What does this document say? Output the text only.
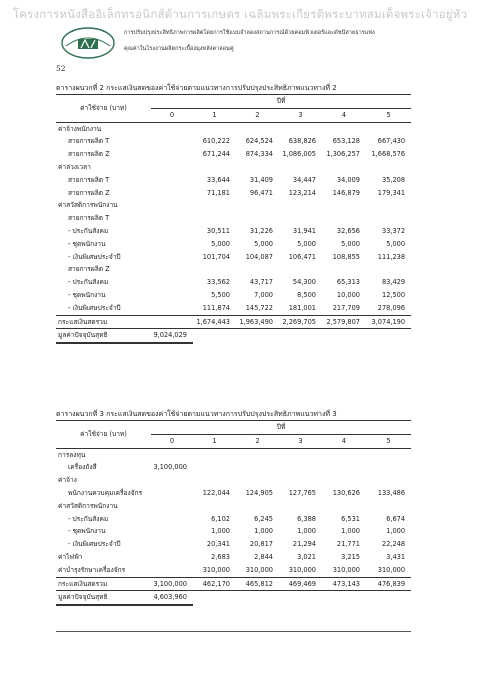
โครงการหนังสืออิเล็กทรอนิกส์ด้านการเกษตร เฉลิมพระเกียรติพระบาทสมเด็จพระเจ้าอยู่หัว
การปรับปรุงประสิทธิภาพการผลิตโดยการใช้แบบจำลองสถานการณ์ด้วยคอมพิวเตอร์และดัชนีสายธารแห่ง
คุณค่าในโรงงานผลิตกระเบื้องมุงหลังคาลอนคู่
52
ตารางผนวกที่ 2 กระแสเงินสดของค่าใช้จ่ายตามแนวทางการปรับปรุงประสิทธิภาพแนวทางที่ 2
ค่าใช้จ่าย (บาท)	ปีที่					
	0	1	2	3	4	5
ค่าจ้างพนักงาน						
สายการผลิต T		610,222	624,524	638,826	653,128	667,430
สายการผลิต Z		671,244	874,334	1,086,005	1,306,257	1,668,576
ค่าล่วงเวลา						
สายการผลิต T		33,644	31,409	34,447	34,009	35,208
สายการผลิต Z		71,181	96,471	123,214	146,879	179,341
ค่าสวัสดิการพนักงาน						
สายการผลิต T						
- ประกันสังคม		30,511	31,226	31,941	32,656	33,372
- ชุดพนักงาน		5,000	5,000	5,000	5,000	5,000
- เงินพิเศษประจำปี		101,704	104,087	106,471	108,855	111,238
สายการผลิต Z						
- ประกันสังคม		33,562	43,717	54,300	65,313	83,429
- ชุดพนักงาน		5,500	7,000	8,500	10,000	12,500
- เงินพิเศษประจำปี		111,874	145,722	181,001	217,709	278,096
กระแสเงินสดรวม		1,674,443	1,963,490	2,269,705	2,579,807	3,074,190
มูลค่าปัจจุบันสุทธิ	9,024,029					
ตารางผนวกที่ 3 กระแสเงินสดของค่าใช้จ่ายตามแนวทางการปรับปรุงประสิทธิภาพแนวทางที่ 3
ค่าใช้จ่าย (บาท)	ปีที่					
	0	1	2	3	4	5
การลงทุน						
เครื่องถังสี	3,100,000					
ค่าจ้าง						
พนักงานควบคุมเครื่องจักร		122,044	124,905	127,765	130,626	133,486
ค่าสวัสดิการพนักงาน						
- ประกันสังคม		6,102	6,245	6,388	6,531	6,674
- ชุดพนักงาน		1,000	1,000	1,000	1,000	1,000
- เงินพิเศษประจำปี		20,341	20,817	21,294	21,771	22,248
ค่าไฟฟ้า		2,683	2,844	3,021	3,215	3,431
ค่าบำรุงรักษาเครื่องจักร		310,000	310,000	310,000	310,000	310,000
กระแสเงินสดรวม	3,100,000	462,170	465,812	469,469	473,143	476,839
มูลค่าปัจจุบันสุทธิ	4,603,960					
